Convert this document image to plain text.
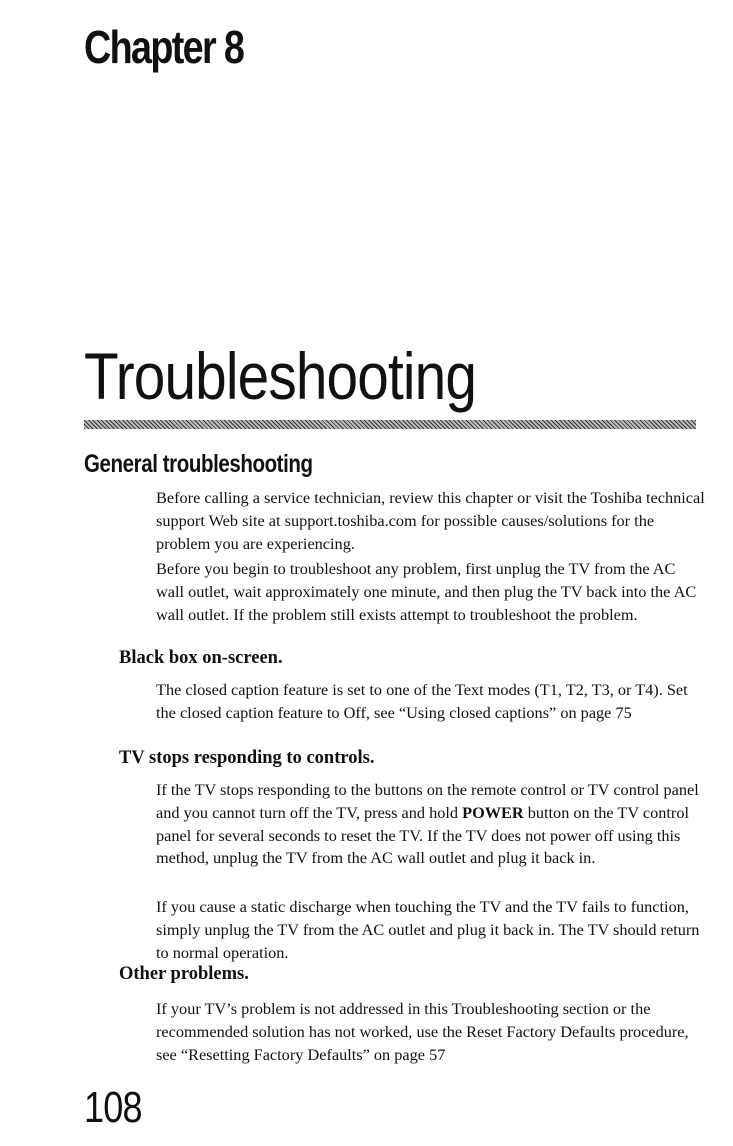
Chapter 8
Troubleshooting
General troubleshooting

Before calling a service technician, review this chapter or visit the Toshiba technical support Web site at support.toshiba.com for possible causes/solutions for the problem you are experiencing.

Before you begin to troubleshoot any problem, first unplug the TV from the AC wall outlet, wait approximately one minute, and then plug the TV back into the AC wall outlet. If the problem still exists attempt to troubleshoot the problem.

Black box on-screen.

The closed caption feature is set to one of the Text modes (T1, T2, T3, or T4). Set the closed caption feature to Off, see “Using closed captions” on page 75

TV stops responding to controls.

If the TV stops responding to the buttons on the remote control or TV control panel and you cannot turn off the TV, press and hold POWER button on the TV control panel for several seconds to reset the TV. If the TV does not power off using this method, unplug the TV from the AC wall outlet and plug it back in.

If you cause a static discharge when touching the TV and the TV fails to function, simply unplug the TV from the AC outlet and plug it back in. The TV should return to normal operation.

Other problems.

If your TV’s problem is not addressed in this Troubleshooting section or the recommended solution has not worked, use the Reset Factory Defaults procedure, see “Resetting Factory Defaults” on page 57

108
